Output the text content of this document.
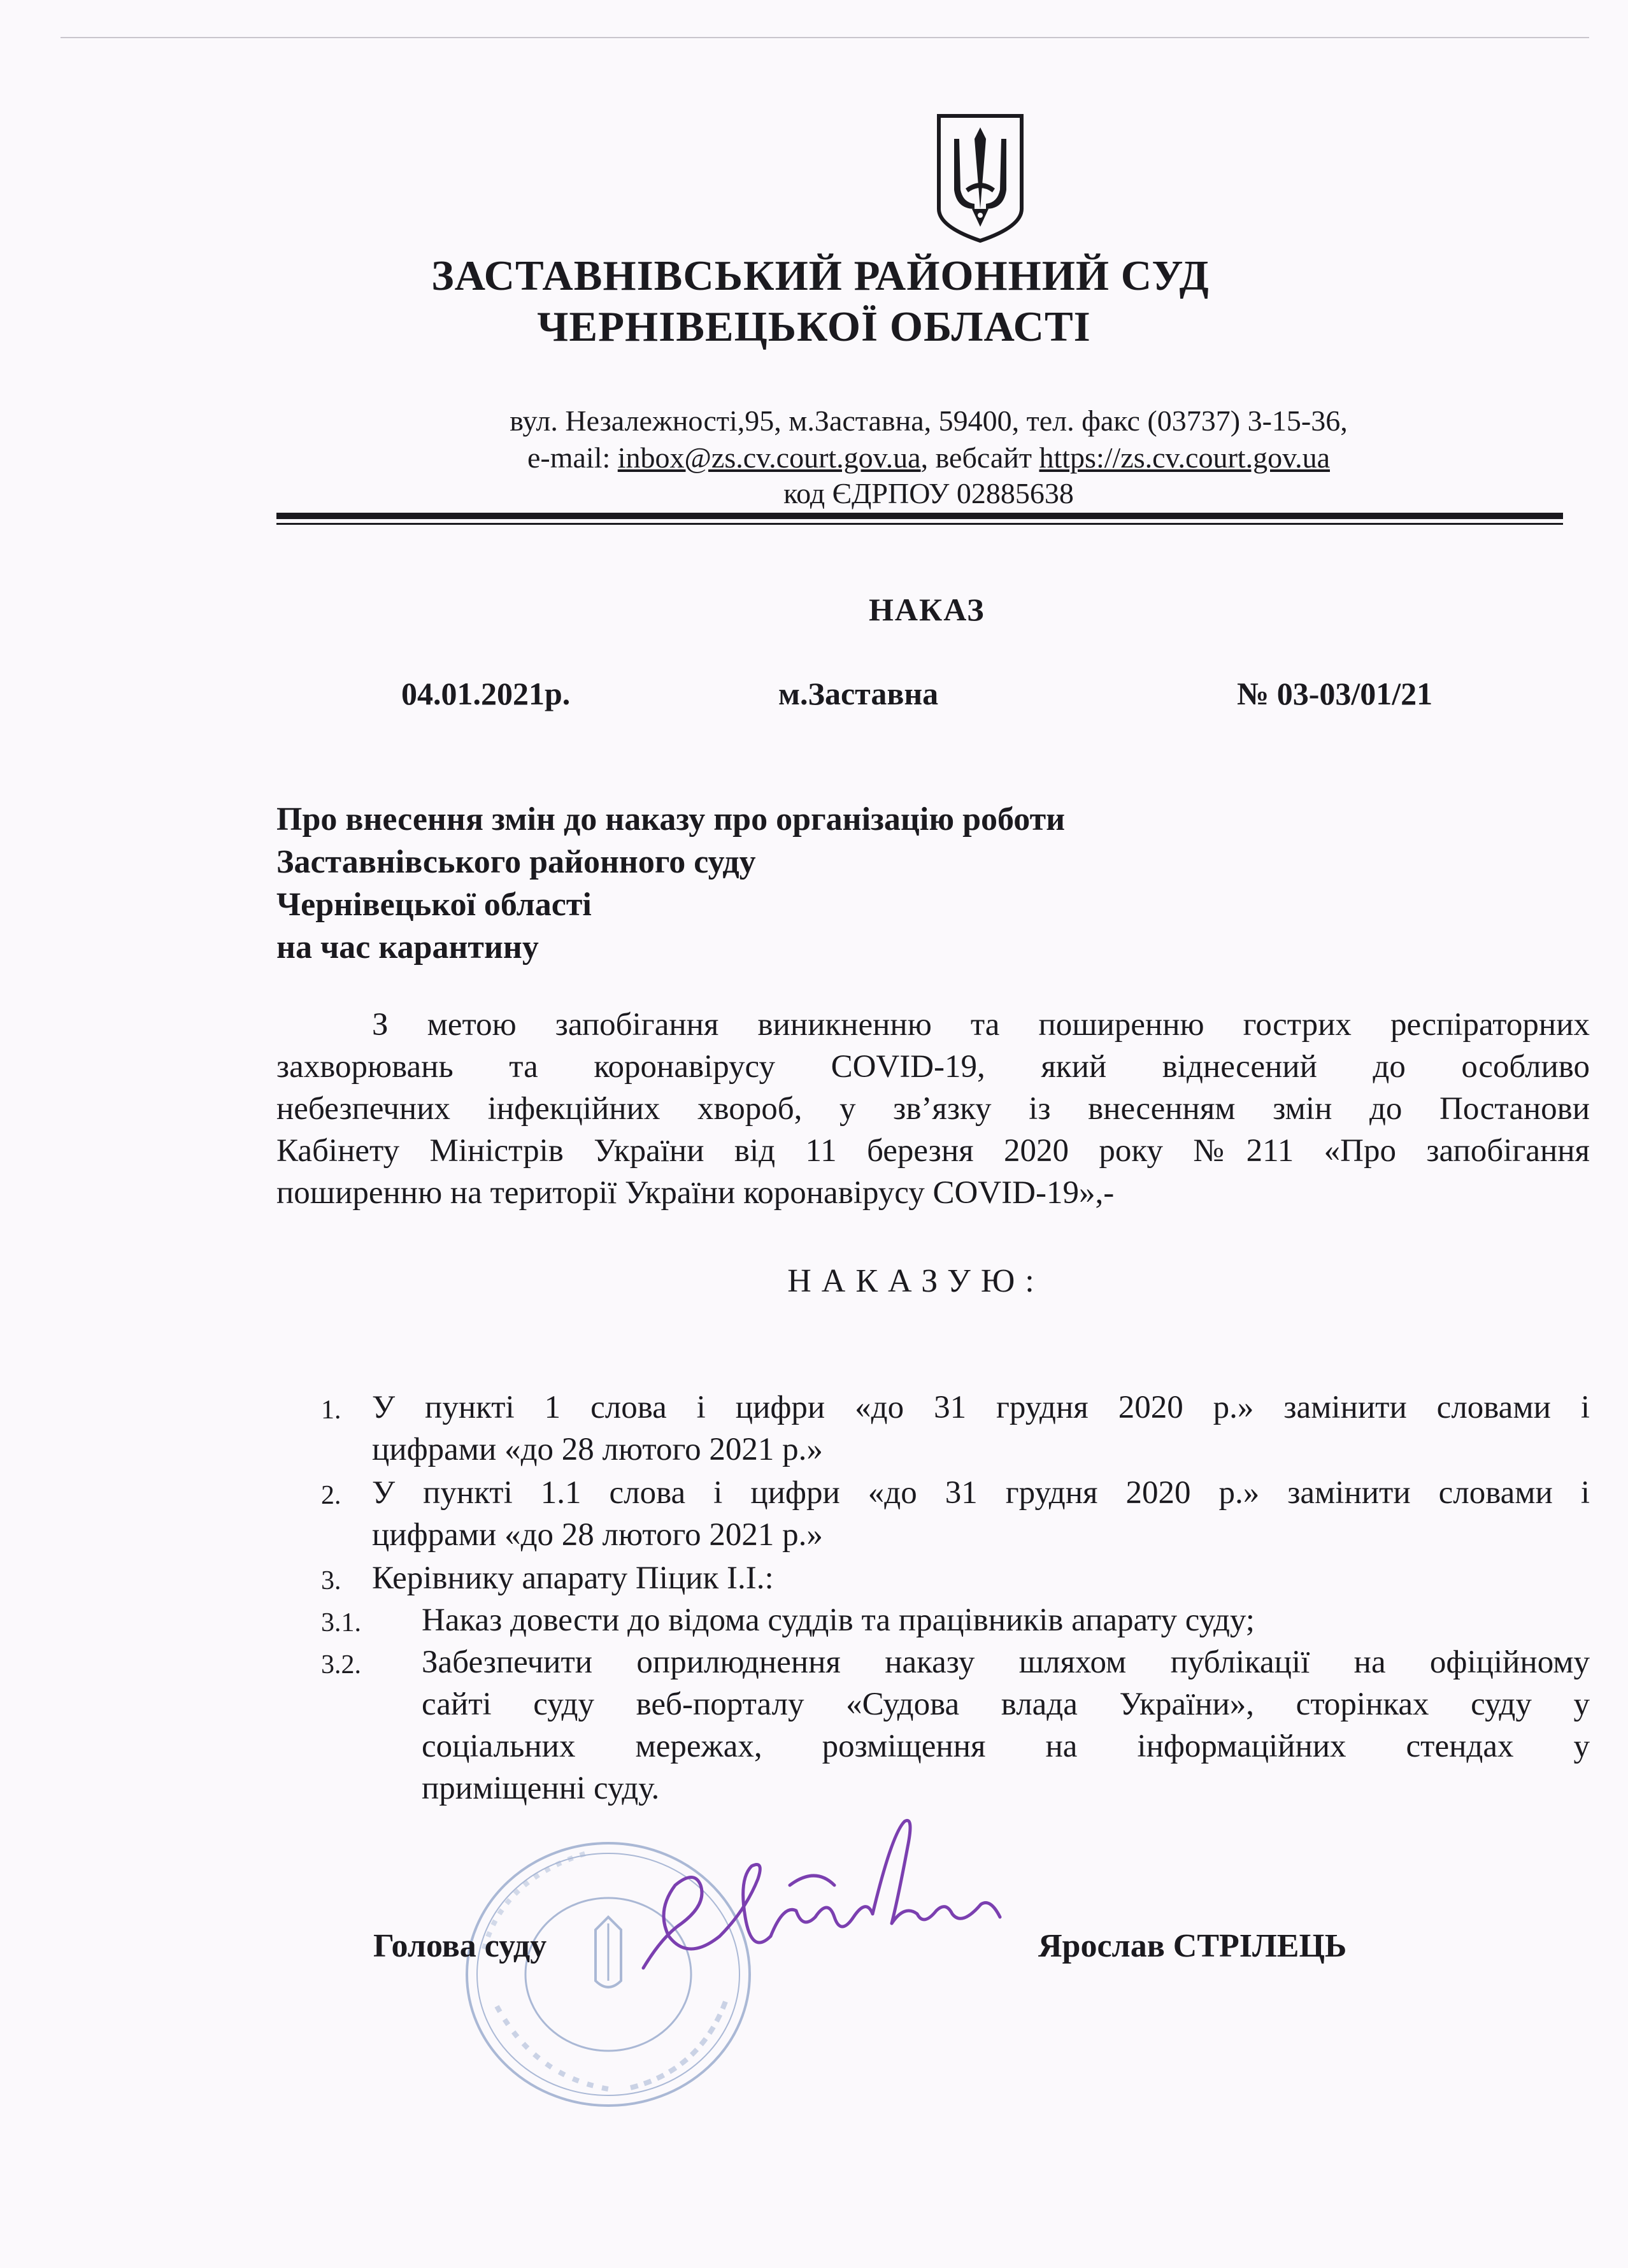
ЗАСТАВНІВСЬКИЙ РАЙОННИЙ СУД
ЧЕРНІВЕЦЬКОЇ ОБЛАСТІ
вул. Незалежності,95, м.Заставна, 59400, тел. факс (03737) 3-15-36,
e-mail: inbox@zs.cv.court.gov.ua, вебсайт https://zs.cv.court.gov.ua
код ЄДРПОУ 02885638
НАКАЗ
04.01.2021р.	м.Заставна	№ 03-03/01/21
Про внесення змін до наказу про організацію роботи
Заставнівського районного суду
Чернівецької області
на час карантину
З метою запобігання виникненню та поширенню гострих респіраторних
захворювань та коронавірусу COVID-19, який віднесений до особливо
небезпечних інфекційних хвороб, у зв’язку із внесенням змін до Постанови
Кабінету Міністрів України від 11 березня 2020 року №211 «Про запобігання
поширенню на території України коронавірусу COVID-19»,-
НАКАЗУЮ:
1. У пункті 1 слова і цифри «до 31 грудня 2020 р.» замінити словами і
цифрами «до 28 лютого 2021 р.»
2. У пункті 1.1 слова і цифри «до 31 грудня 2020 р.» замінити словами і
цифрами «до 28 лютого 2021 р.»
3. Керівнику апарату Піцик І.І.:
3.1. Наказ довести до відома суддів та працівників апарату суду;
3.2. Забезпечити оприлюднення наказу шляхом публікації на офіційному
сайті суду веб-порталу «Судова влада України», сторінках суду у
соціальних мережах, розміщення на інформаційних стендах у
приміщенні суду.
Голова суду	Ярослав СТРІЛЕЦЬ
